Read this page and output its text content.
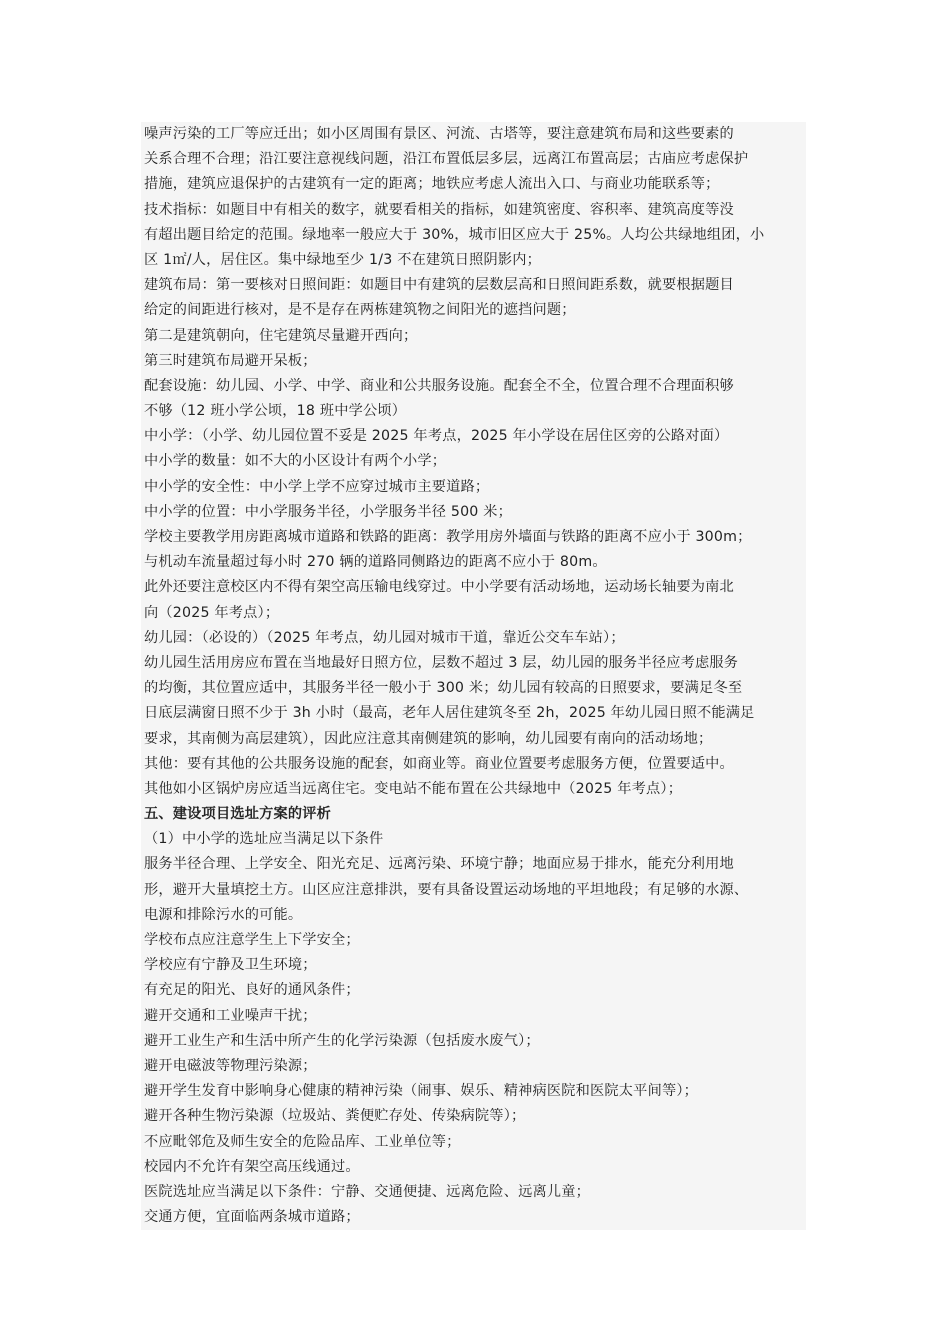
噪声污染的工厂等应迁出；如小区周围有景区、河流、古塔等，要注意建筑布局和这些要素的
关系合理不合理；沿江要注意视线问题，沿江布置低层多层，远离江布置高层；古庙应考虑保护
措施，建筑应退保护的古建筑有一定的距离；地铁应考虑人流出入口、与商业功能联系等；
技术指标：如题目中有相关的数字，就要看相关的指标，如建筑密度、容积率、建筑高度等没
有超出题目给定的范围。绿地率一般应大于 30%，城市旧区应大于 25%。人均公共绿地组团，小
区 1㎡/人，居住区。集中绿地至少 1/3 不在建筑日照阴影内；
建筑布局：第一要核对日照间距：如题目中有建筑的层数层高和日照间距系数，就要根据题目
给定的间距进行核对，是不是存在两栋建筑物之间阳光的遮挡问题；
第二是建筑朝向，住宅建筑尽量避开西向；
第三时建筑布局避开呆板；
配套设施：幼儿园、小学、中学、商业和公共服务设施。配套全不全，位置合理不合理面积够
不够（12 班小学公顷，18 班中学公顷）
中小学：（小学、幼儿园位置不妥是 2025 年考点，2025 年小学设在居住区旁的公路对面）
中小学的数量：如不大的小区设计有两个小学；
中小学的安全性：中小学上学不应穿过城市主要道路；
中小学的位置：中小学服务半径，小学服务半径 500 米；
学校主要教学用房距离城市道路和铁路的距离：教学用房外墙面与铁路的距离不应小于 300m；
与机动车流量超过每小时 270 辆的道路同侧路边的距离不应小于 80m。
此外还要注意校区内不得有架空高压输电线穿过。中小学要有活动场地，运动场长轴要为南北
向（2025 年考点）；
幼儿园：（必设的）（2025 年考点，幼儿园对城市干道，靠近公交车车站）；
幼儿园生活用房应布置在当地最好日照方位，层数不超过 3 层，幼儿园的服务半径应考虑服务
的均衡，其位置应适中，其服务半径一般小于 300 米；幼儿园有较高的日照要求，要满足冬至
日底层满窗日照不少于 3h 小时（最高，老年人居住建筑冬至 2h，2025 年幼儿园日照不能满足
要求，其南侧为高层建筑），因此应注意其南侧建筑的影响，幼儿园要有南向的活动场地；
其他：要有其他的公共服务设施的配套，如商业等。商业位置要考虑服务方便，位置要适中。
其他如小区锅炉房应适当远离住宅。变电站不能布置在公共绿地中（2025 年考点）；
五、建设项目选址方案的评析
（1）中小学的选址应当满足以下条件
服务半径合理、上学安全、阳光充足、远离污染、环境宁静；地面应易于排水，能充分利用地
形，避开大量填挖土方。山区应注意排洪，要有具备设置运动场地的平坦地段；有足够的水源、
电源和排除污水的可能。
学校布点应注意学生上下学安全；
学校应有宁静及卫生环境；
有充足的阳光、良好的通风条件；
避开交通和工业噪声干扰；
避开工业生产和生活中所产生的化学污染源（包括废水废气）；
避开电磁波等物理污染源；
避开学生发育中影响身心健康的精神污染（闹事、娱乐、精神病医院和医院太平间等）；
避开各种生物污染源（垃圾站、粪便贮存处、传染病院等）；
不应毗邻危及师生安全的危险品库、工业单位等；
校园内不允许有架空高压线通过。
医院选址应当满足以下条件：宁静、交通便捷、远离危险、远离儿童；
交通方便，宜面临两条城市道路；
